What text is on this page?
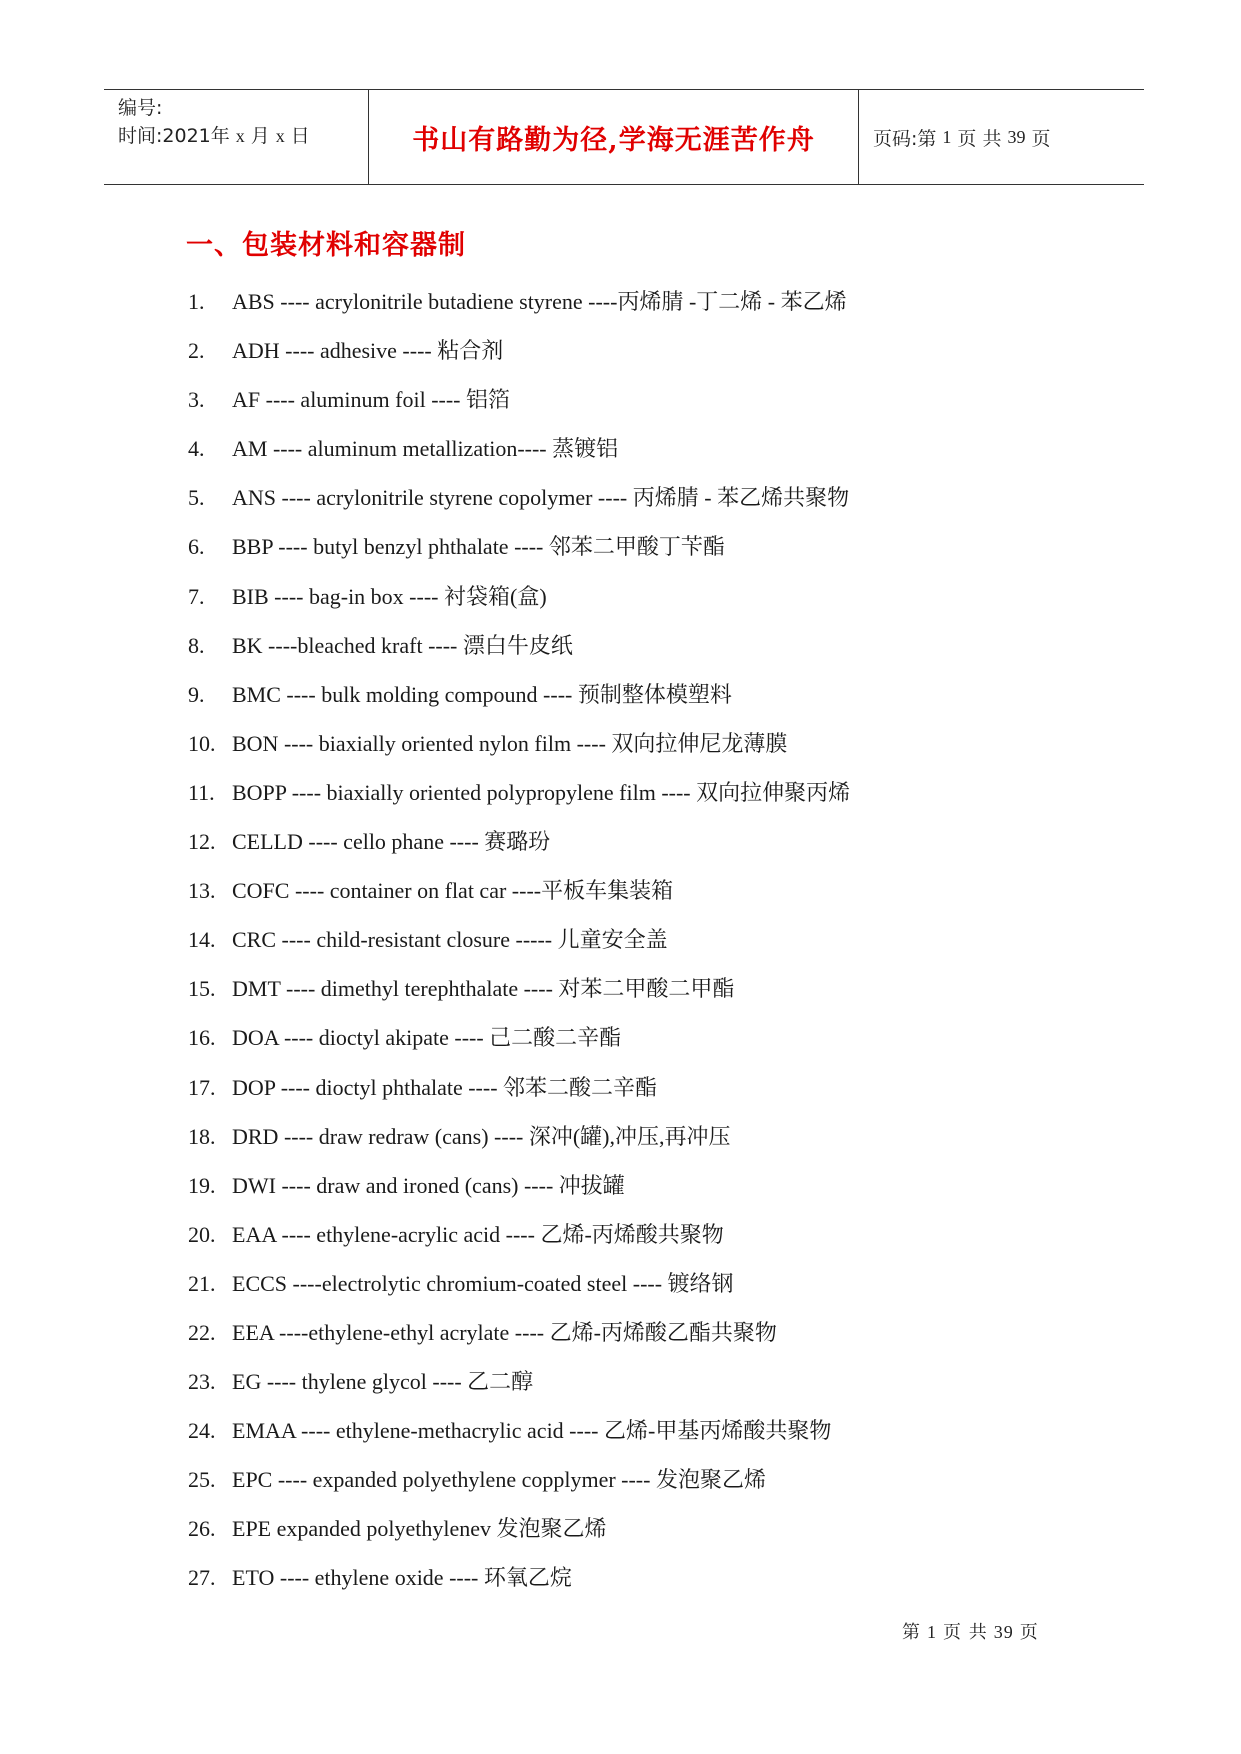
编号:
时间:2021年 x 月 x 日	书山有路勤为径,学海无涯苦作舟	页码:第 1 页 共 39 页
一、包装材料和容器制
1.	ABS ---- acrylonitrile butadiene styrene ----丙烯腈 -丁二烯 - 苯乙烯
2.	ADH ---- adhesive ---- 粘合剂
3.	AF ---- aluminum foil ---- 铝箔
4.	AM ---- aluminum metallization---- 蒸镀铝
5.	ANS ---- acrylonitrile styrene copolymer ---- 丙烯腈 - 苯乙烯共聚物
6.	BBP ---- butyl benzyl phthalate ---- 邻苯二甲酸丁苄酯
7.	BIB ---- bag-in box ---- 衬袋箱(盒)
8.	BK ----bleached kraft ---- 漂白牛皮纸
9.	BMC ---- bulk molding compound ---- 预制整体模塑料
10. BON ---- biaxially oriented nylon film ---- 双向拉伸尼龙薄膜
11. BOPP ---- biaxially oriented polypropylene film ---- 双向拉伸聚丙烯
12. CELLD ---- cello phane ---- 赛璐玢
13. COFC ---- container on flat car ----平板车集装箱
14. CRC ---- child-resistant closure ----- 儿童安全盖
15. DMT ---- dimethyl terephthalate ---- 对苯二甲酸二甲酯
16. DOA ---- dioctyl akipate ---- 己二酸二辛酯
17. DOP ---- dioctyl phthalate ---- 邻苯二酸二辛酯
18. DRD ---- draw redraw (cans) ---- 深冲(罐),冲压,再冲压
19. DWI ---- draw and ironed (cans) ---- 冲拔罐
20. EAA ---- ethylene-acrylic acid ---- 乙烯-丙烯酸共聚物
21. ECCS ----electrolytic chromium-coated steel ---- 镀络钢
22. EEA ----ethylene-ethyl acrylate ---- 乙烯-丙烯酸乙酯共聚物
23. EG ---- thylene glycol ---- 乙二醇
24. EMAA ---- ethylene-methacrylic acid ---- 乙烯-甲基丙烯酸共聚物
25. EPC ---- expanded polyethylene copplymer ---- 发泡聚乙烯
26. EPE expanded polyethylenev 发泡聚乙烯
27. ETO ---- ethylene oxide ---- 环氧乙烷
第 1 页 共 39 页
